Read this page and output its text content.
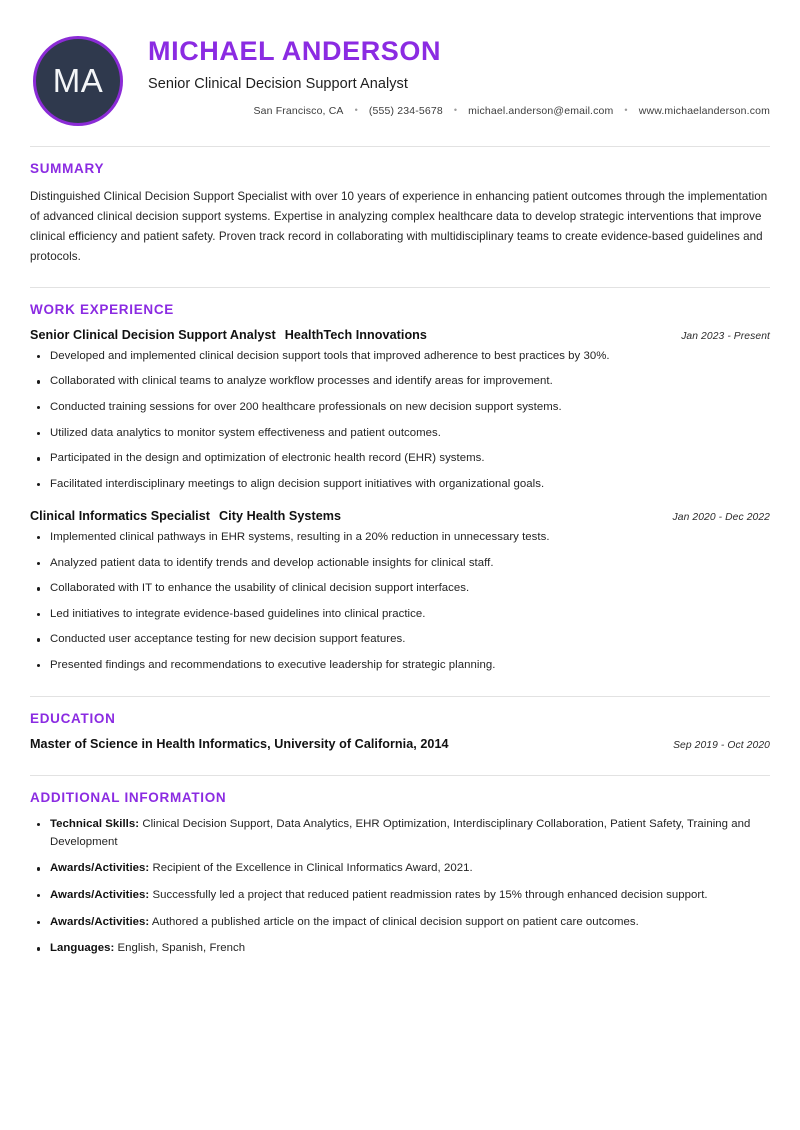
MA
MICHAEL ANDERSON
Senior Clinical Decision Support Analyst
San Francisco, CA • (555) 234-5678 • michael.anderson@email.com • www.michaelanderson.com
SUMMARY
Distinguished Clinical Decision Support Specialist with over 10 years of experience in enhancing patient outcomes through the implementation of advanced clinical decision support systems. Expertise in analyzing complex healthcare data to develop strategic interventions that improve clinical efficiency and patient safety. Proven track record in collaborating with multidisciplinary teams to create evidence-based guidelines and protocols.
WORK EXPERIENCE
Senior Clinical Decision Support Analyst HealthTech Innovations	Jan 2023 - Present
Developed and implemented clinical decision support tools that improved adherence to best practices by 30%.
Collaborated with clinical teams to analyze workflow processes and identify areas for improvement.
Conducted training sessions for over 200 healthcare professionals on new decision support systems.
Utilized data analytics to monitor system effectiveness and patient outcomes.
Participated in the design and optimization of electronic health record (EHR) systems.
Facilitated interdisciplinary meetings to align decision support initiatives with organizational goals.
Clinical Informatics Specialist City Health Systems	Jan 2020 - Dec 2022
Implemented clinical pathways in EHR systems, resulting in a 20% reduction in unnecessary tests.
Analyzed patient data to identify trends and develop actionable insights for clinical staff.
Collaborated with IT to enhance the usability of clinical decision support interfaces.
Led initiatives to integrate evidence-based guidelines into clinical practice.
Conducted user acceptance testing for new decision support features.
Presented findings and recommendations to executive leadership for strategic planning.
EDUCATION
Master of Science in Health Informatics, University of California, 2014	Sep 2019 - Oct 2020
ADDITIONAL INFORMATION
Technical Skills: Clinical Decision Support, Data Analytics, EHR Optimization, Interdisciplinary Collaboration, Patient Safety, Training and Development
Awards/Activities: Recipient of the Excellence in Clinical Informatics Award, 2021.
Awards/Activities: Successfully led a project that reduced patient readmission rates by 15% through enhanced decision support.
Awards/Activities: Authored a published article on the impact of clinical decision support on patient care outcomes.
Languages: English, Spanish, French
